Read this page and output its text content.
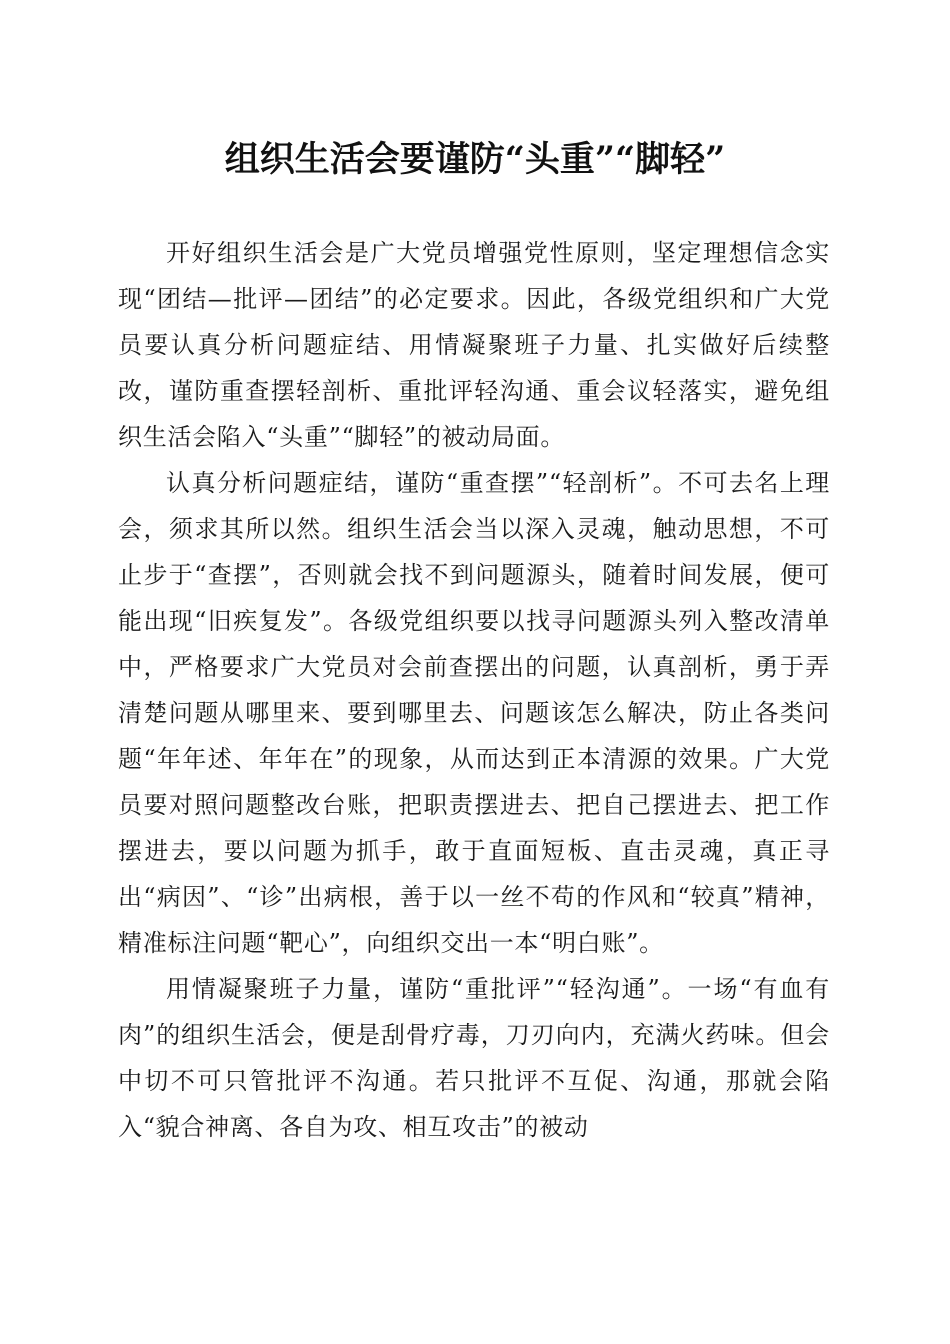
组织生活会要谨防“头重”“脚轻”

开好组织生活会是广大党员增强党性原则，坚定理想信念实现“团结—批评—团结”的必定要求。因此，各级党组织和广大党员要认真分析问题症结、用情凝聚班子力量、扎实做好后续整改，谨防重查摆轻剖析、重批评轻沟通、重会议轻落实，避免组织生活会陷入“头重”“脚轻”的被动局面。

认真分析问题症结，谨防“重查摆”“轻剖析”。不可去名上理会，须求其所以然。组织生活会当以深入灵魂，触动思想，不可止步于“查摆”，否则就会找不到问题源头，随着时间发展，便可能出现“旧疾复发”。各级党组织要以找寻问题源头列入整改清单中，严格要求广大党员对会前查摆出的问题，认真剖析，勇于弄清楚问题从哪里来、要到哪里去、问题该怎么解决，防止各类问题“年年述、年年在”的现象，从而达到正本清源的效果。广大党员要对照问题整改台账，把职责摆进去、把自己摆进去、把工作摆进去，要以问题为抓手，敢于直面短板、直击灵魂，真正寻出“病因”、“诊”出病根，善于以一丝不苟的作风和“较真”精神，精准标注问题“靶心”，向组织交出一本“明白账”。

用情凝聚班子力量，谨防“重批评”“轻沟通”。一场“有血有肉”的组织生活会，便是刮骨疗毒，刀刃向内，充满火药味。但会中切不可只管批评不沟通。若只批评不互促、沟通，那就会陷入“貌合神离、各自为攻、相互攻击”的被动
